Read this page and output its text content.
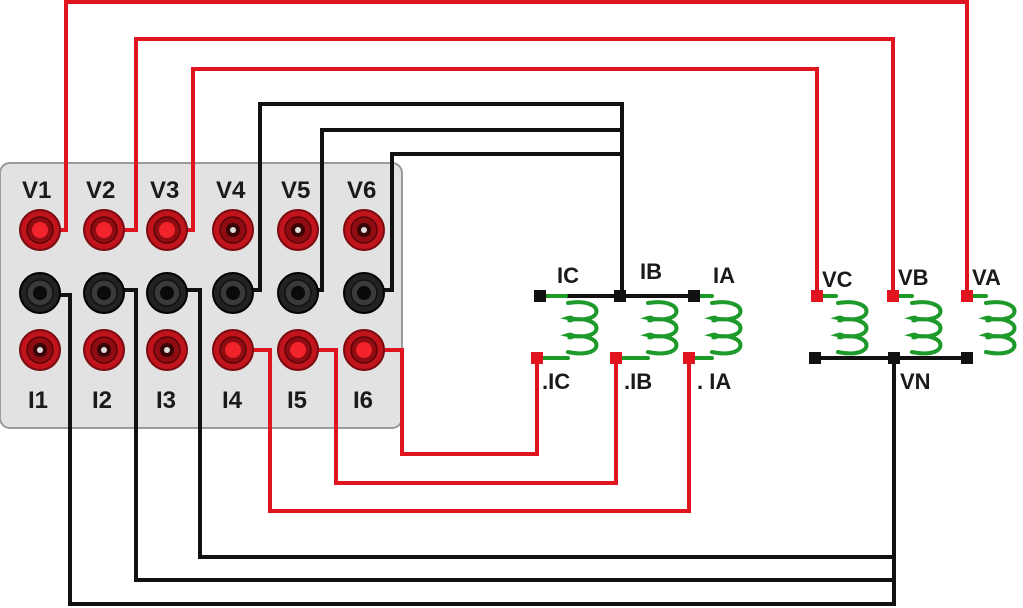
IC	IB IA
.IC .IB . IA
VC VB VA
VN
V1 V2 V3 V4 V5 V6
I1 I2 I3 I4 I5 I6
